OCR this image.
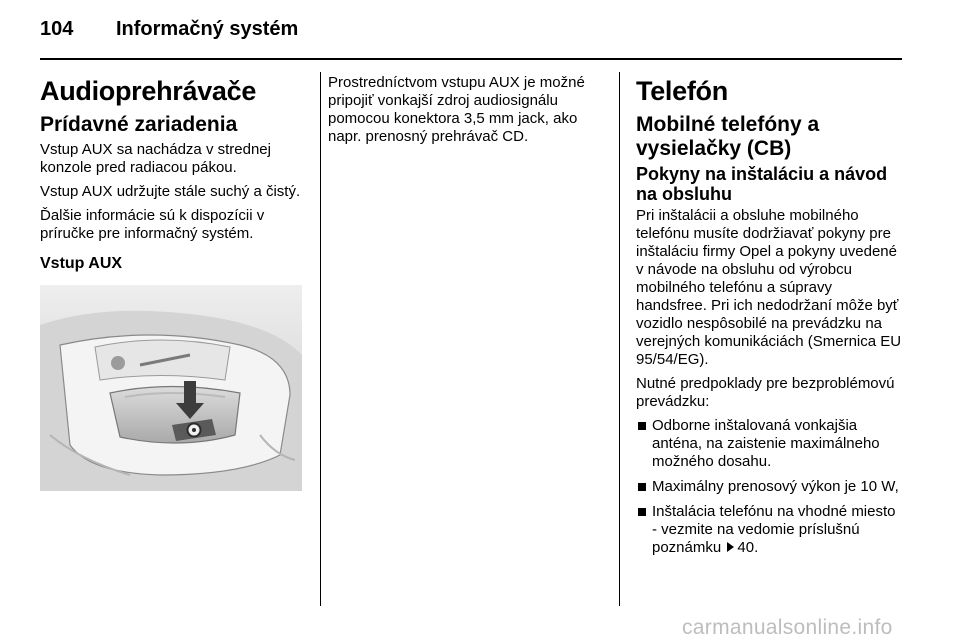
104 Informačný systém
Audioprehrávače
Prídavné zariadenia

Vstup AUX sa nachádza v strednej konzole pred radiacou pákou.

Vstup AUX udržujte stále suchý a čistý.

Ďalšie informácie sú k dispozícii v príručke pre informačný systém.

Vstup AUX

Prostredníctvom vstupu AUX je možné pripojiť vonkajší zdroj audiosignálu pomocou konektora 3,5 mm jack, ako napr. prenosný prehrávač CD.

Telefón
Mobilné telefóny a vysielačky (CB)
Pokyny na inštaláciu a návod na obsluhu

Pri inštalácii a obsluhe mobilného telefónu musíte dodržiavať pokyny pre inštaláciu firmy Opel a pokyny uvedené v návode na obsluhu od výrobcu mobilného telefónu a súpravy handsfree. Pri ich nedodržaní môže byť vozidlo nespôsobilé na prevádzku na verejných komunikáciách (Smernica EU 95/54/EG).

Nutné predpoklady pre bezproblémovú prevádzku:

Odborne inštalovaná vonkajšia anténa, na zaistenie maximálneho možného dosahu.
Maximálny prenosový výkon je 10 W,
Inštalácia telefónu na vhodné miesto - vezmite na vedomie príslušnú poznámku 40.
carmanualsonline.info
